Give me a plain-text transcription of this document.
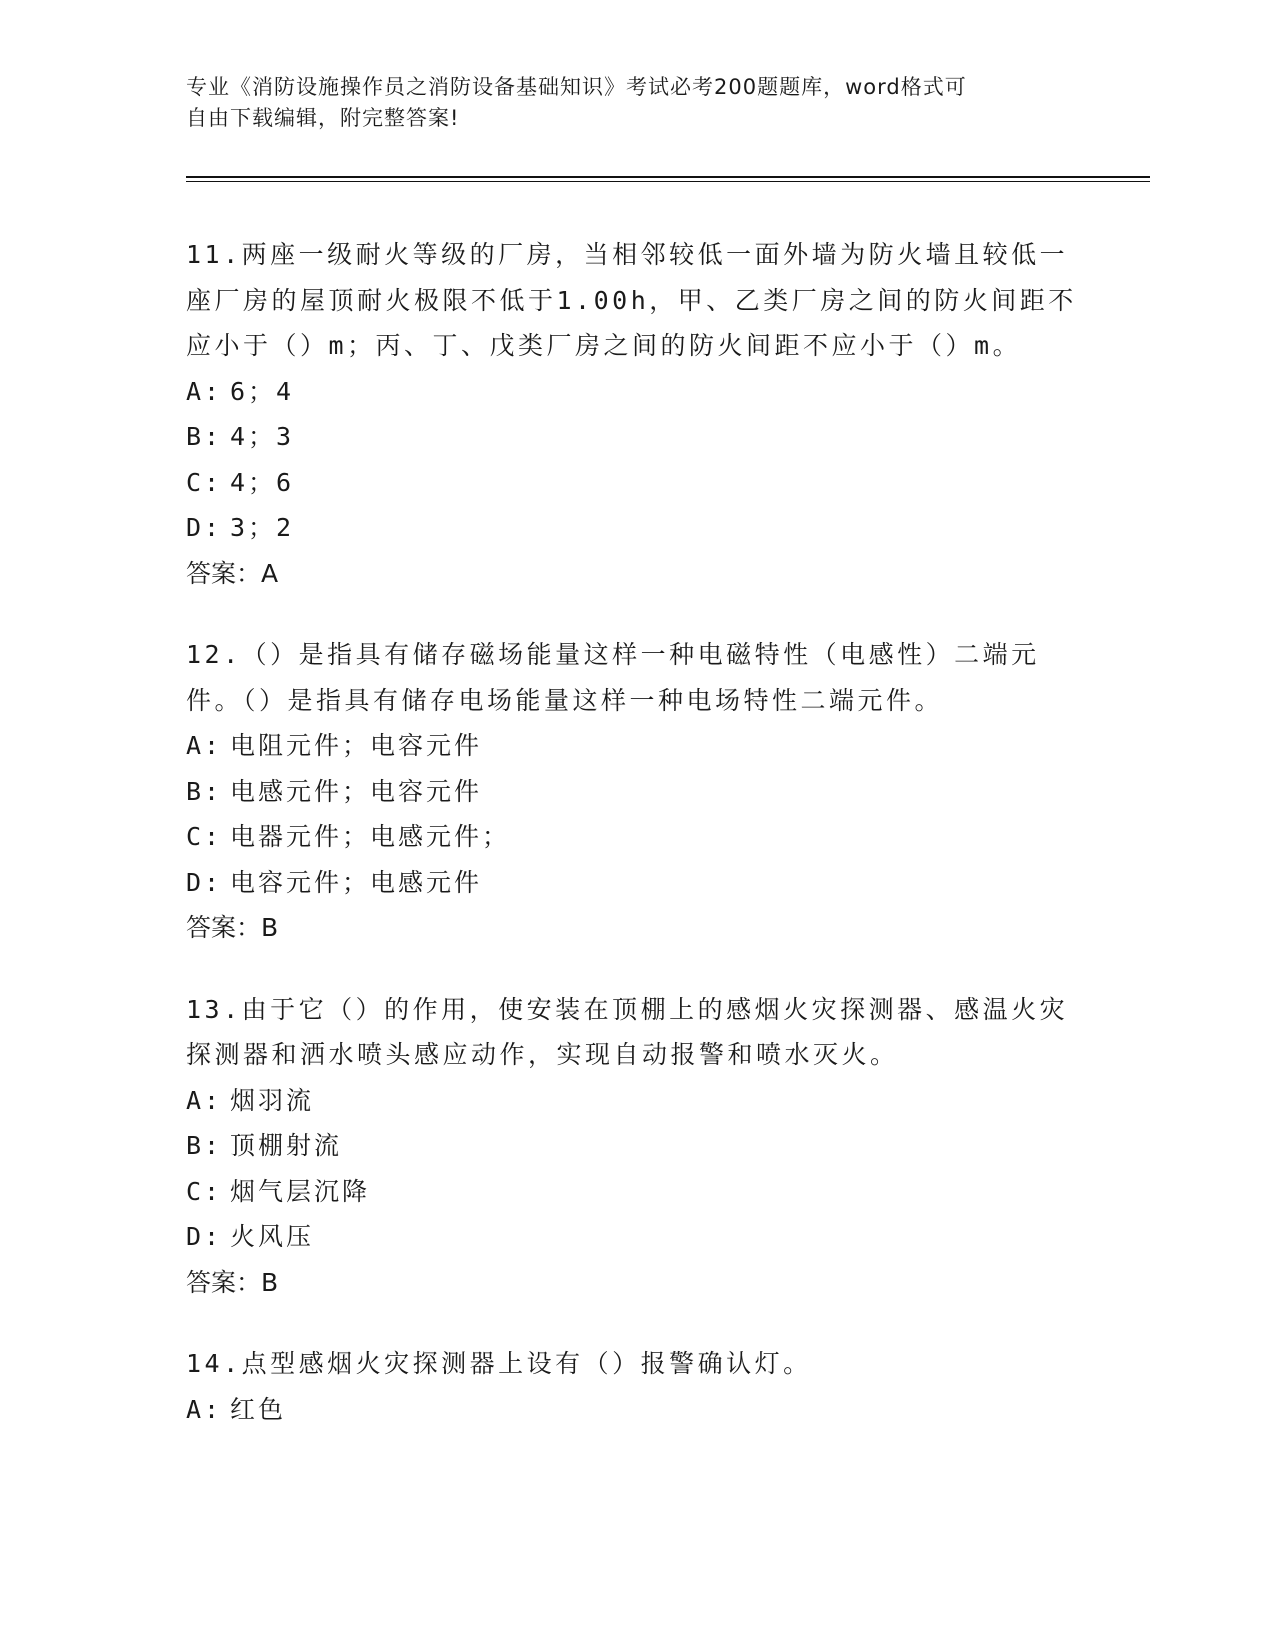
专业《消防设施操作员之消防设备基础知识》考试必考200题题库，word格式可
自由下载编辑，附完整答案!

11.两座一级耐火等级的厂房，当相邻较低一面外墙为防火墙且较低一座厂房的屋顶耐火极限不低于1.00h，甲、乙类厂房之间的防火间距不应小于（）m；丙、丁、戊类厂房之间的防火间距不应小于（）m。

A: 6；4

B: 4；3

C: 4；6

D: 3；2

答案：A

12.（）是指具有储存磁场能量这样一种电磁特性（电感性）二端元件。（）是指具有储存电场能量这样一种电场特性二端元件。

A: 电阻元件；电容元件

B: 电感元件；电容元件

C: 电器元件；电感元件；

D: 电容元件；电感元件

答案：B

13.由于它（）的作用，使安装在顶棚上的感烟火灾探测器、感温火灾探测器和洒水喷头感应动作，实现自动报警和喷水灭火。

A: 烟羽流

B: 顶棚射流

C: 烟气层沉降

D: 火风压

答案：B

14.点型感烟火灾探测器上设有（）报警确认灯。

A: 红色
